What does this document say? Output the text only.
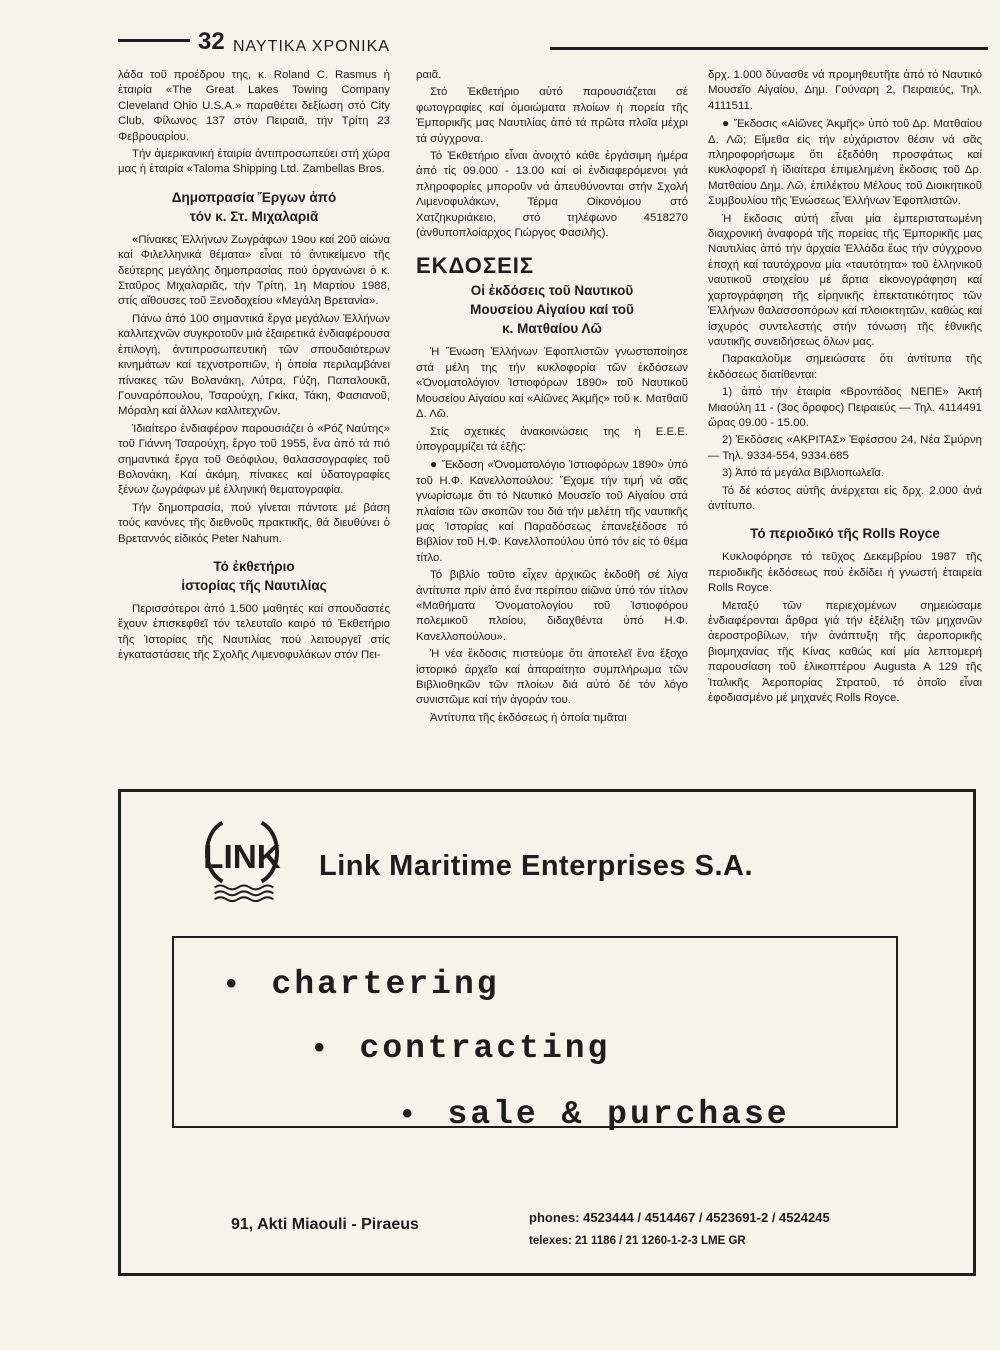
32 ΝΑΥΤΙΚΑ ΧΡΟΝΙΚΑ

λάδα τοῦ προέδρου της, κ. Roland C. Rasmus ἡ ἑταιρία «The Great Lakes Towing Company Cleveland Ohio U.S.A.» παραθέτει δεξίωση στό City Club, Φίλωνος 137 στόν Πειραιᾶ, τήν Τρίτη 23 Φεβρουαρίου.

Τήν ἀμερικανική ἑταιρία ἀντιπροσωπεύει στή χώρα μας ἡ ἑταιρία «Taloma Shipping Ltd. Zambellas Bros.

Δημοπρασία Ἔργων ἀπό
τόν κ. Στ. Μιχαλαριᾶ

«Πίνακες Ἑλλήνων Ζωγράφων 19ου καί 20ῦ αἰώνα καί Φιλελληνικά θέματα» εἶναι τό ἀντικείμενο τῆς δεύτερης μεγάλης δημοπρασίας πού ὀργανώνει ὁ κ. Σταῦρος Μιχαλαριᾶς, τήν Τρίτη, 1η Μαρτίου 1988, στίς αἴθουσες τοῦ Ξενοδοχείου «Μεγάλη Βρετανία».

Πάνω ἀπό 100 σημαντικά ἔργα μεγάλων Ἑλλήνων καλλιτεχνῶν συγκροτοῦν μιά ἐξαιρετικά ἐνδιαφέρουσα ἐπιλογή, ἀντιπροσωπευτική τῶν σπουδαιότερων κινημάτων καί τεχνοτροπιῶν, ἡ ὁποία περιλαμβάνει πίνακες τῶν Βολανάκη, Λύτρα, Γύζη, Παπαλουκᾶ, Γουναρόπουλου, Τσαρούχη, Γκίκα, Τάκη, Φασιανοῦ, Μόραλη καί ἄλλων καλλιτεχνῶν.

Ἰδιαίτερο ἐνδιαφέρον παρουσιάζει ὁ «Ρόζ Ναύτης» τοῦ Γιάννη Τσαρούχη, ἔργο τοῦ 1955, ἕνα ἀπό τά πιό σημαντικά ἔργα τοῦ Θεόφιλου, θαλασσογραφίες τοῦ Βολονάκη, Καί ἀκόμη, πίνακες καί ὑδατογραφίες ξένων ζωγράφων μέ ἑλληνική θεματογραφία.

Τήν δημοπρασία, πού γίνεται πάντοτε μέ βάση τούς κανόνες τῆς διεθνοῦς πρακτικῆς, θά διευθύνει ὁ Βρεταννός εἰδικός Peter Nahum.

Τό ἐκθετήριο
ἱστορίας τῆς Ναυτιλίας

Περισσότεροι ἀπό 1.500 μαθητές καί σπουδαστές ἔχουν ἐπισκεφθεῖ τόν τελευταῖο καιρό τό Ἐκθετήριο τῆς Ἱστορίας τῆς Ναυτιλίας πού λειτουργεῖ στίς ἐγκαταστάσεις τῆς Σχολῆς Λιμενοφυλάκων στόν Πει-

ραιᾶ.

Στό Ἐκθετήριο αὐτό παρουσιάζεται σέ φωτογραφίες καί ὁμοιώματα πλοίων ἡ πορεία τῆς Ἐμπορικῆς μας Ναυτιλίας ἀπό τά πρῶτα πλοῖα μέχρι τά σύγχρονα.

Τό Ἐκθετήριο εἶναι ἀνοιχτό κάθε ἐργάσιμη ἡμέρα ἀπό τίς 09.000 - 13.00 καί οἱ ἐνδιαφερόμενοι γιά πληροφορίες μποροῦν νά ἀπευθύνονται στήν Σχολή Λιμενοφυλάκων, Τέρμα Οἰκονόμου στό Χατζηκυριάκειο, στό τηλέφωνο 4518270 (ἀνθυποπλοίαρχος Γιώργος Φασιλῆς).

ΕΚΔΟΣΕΙΣ
Οἱ ἐκδόσεις τοῦ Ναυτικοῦ
Μουσείου Αἰγαίου καί τοῦ
κ. Ματθαίου Λῶ

Ἡ Ἕνωση Ἑλλήνων Ἐφοπλιστῶν γνωστοποίησε στά μέλη της τήν κυκλοφορία τῶν ἐκδόσεων «Ὀνοματολόγιον Ἱστιοφόρων 1890» τοῦ Ναυτικοῦ Μουσείου Αἰγαίου καί «Αἰῶνες Ἀκμῆς» τοῦ κ. Ματθαιῦ Δ. Λῶ.

Στίς σχετικές ἀνακοινώσεις της ἡ Ε.Ε.Ε. ὑπογραμμίζει τά ἑξῆς:

● Ἔκδοση «Ὀνοματολόγιο Ἱστιοφόρων 1890» ὑπό τοῦ Η.Φ. Κανελλοπούλου: Ἔχομε τήν τιμή νά σᾶς γνωρίσωμε ὅτι τό Ναυτικό Μουσεῖο τοῦ Αἰγαίου στά πλαίσια τῶν σκοπῶν του διά τήν μελέτη τῆς ναυτικῆς μας Ἱστορίας καί Παραδόσεως ἐπανεξέδοσε τό Βιβλίον τοῦ Η.Φ. Κανελλοπούλου ὑπό τόν εἰς τό θέμα τίτλο.

Τό βιβλίο τοῦτο εἶχεν ἀρχικῶς ἐκδοθῆ σέ λίγα ἀντίτυπα πρίν ἀπό ἕνα περίπου αἰῶνα ὑπό τόν τίτλον «Μαθήματα Ὀνοματολογίου τοῦ Ἱστιοφόρου πολεμικοῦ πλοίου, διδαχθέντα ὑπό Η.Φ. Κανελλοπούλου».

Ἡ νέα ἔκδοσις πιστεύομε ὅτι ἀποτελεῖ ἔνα ἔξοχο ἱστορικό ἀρχεῖο καί ἀπαραίτητο συμπλήρωμα τῶν Βιβλιοθηκῶν τῶν πλοίων διά αὐτό δέ τόν λόγο συνιστῶμε καί τήν ἀγοράν του.

Ἀντίτυπα τῆς ἐκδόσεως ἡ ὁποία τιμᾶται

δρχ. 1.000 δύνασθε νά προμηθευτῆτε ἀπό τό Ναυτικό Μουσεῖο Αἰγαίου, Δημ. Γούναρη 2, Πειραιεύς, Τηλ. 4111511.

● Ἔκδοσις «Αἰῶνες Ἀκμῆς» ὑπό τοῦ Δρ. Ματθαίου Δ. Λῶ; Εἴμεθα εἰς τήν εὐχάριστον θέσιν νά σᾶς πληροφορήσωμε ὅτι ἐξεδόθη προσφάτως καί κυκλοφορεῖ ἡ ἰδιαίτερα ἐπιμελημένη ἔκδοσις τοῦ Δρ. Ματθαίου Δημ. Λῶ, ἐπιλέκτου Μέλους τοῦ Διοικητικοῦ Συμβουλίου τῆς Ἑνώσεως Ἑλλήνων Ἐφοπλιστῶν.

Ἡ ἔκδοσις αὐτή εἶναι μία ἐμπεριστατωμένη διαχρονική ἀναφορά τῆς πορείας τῆς Ἐμπορικῆς μας Ναυτιλίας ἀπό τήν ἀρχαία Ἑλλάδα ἕως τήν σύγχρονο ἐποχή καί ταυτόχρονα μία «ταυτότητα» τοῦ ἑλληνικοῦ ναυτικοῦ στοιχείου μέ ἄρτια εἰκονογράφηση καί χαρτογράφηση τῆς εἰρηνικῆς ἐπεκτατικότητος τῶν Ἑλλήνων θαλασσοπόρων καί πλοιοκτητῶν, καθώς καί ἰσχυρός συντελεστής στήν τόνωση τῆς ἐθνικῆς ναυτικῆς συνειδήσεως ὅλων μας.

Παρακαλοῦμε σημειώσατε ὅτι ἀντίτυπα τῆς ἐκδόσεως διατίθενται:

1) ἀπό τήν ἑταιρία «Βροντάδος ΝΕΠΕ» Ἀκτή Μιαούλη 11 - (3ος ὄροφος) Πειραιεύς — Τηλ. 4114491 ὥρας 09.00 - 15.00.

2) Ἐκδόσεις «ΑΚΡΙΤΑΣ» Ἐφέσσου 24, Νέα Σμύρνη — Τηλ. 9334-554, 9334.685

3) Ἀπό τά μεγάλα Βιβλιοπωλεῖα.

Τό δέ κόστος αὐτῆς ἀνέρχεται εἰς δρχ. 2.000 ἀνά ἀντίτυπο.

Τό περιοδικό τῆς Rolls Royce

Κυκλοφόρησε τό τεῦχος Δεκεμβρίου 1987 τῆς περιοδικῆς ἐκδόσεως πού ἐκδίδει ἡ γνωστή ἑταιρεία Rolls Royce.

Μεταξύ τῶν περιεχομένων σημειώσαμε ἐνδιαφέρονται ἄρθρα γιά τήν ἐξέλιξη τῶν μηχανῶν ἀεροστροβίλων, τήν ἀνάπτυξη τῆς ἀεροπορικῆς βιομηχανίας τῆς Κίνας καθώς καί μία λεπτομερή παρουσίαση τοῦ ἑλικοπτέρου Augusta A 129 τῆς Ἰταλικῆς Ἀεροπορίας Στρατοῦ, τό ὁποῖο εἶναι ἐφοδιασμένο μέ μηχανές Rolls Royce.

LINK Link Maritime Enterprises S.A.
• chartering
• contracting
• sale & purchase
91, Akti Miaouli - Piraeus	phones: 4523444 / 4514467 / 4523691-2 / 4524245
telexes: 21 1186 / 21 1260-1-2-3 LME GR
